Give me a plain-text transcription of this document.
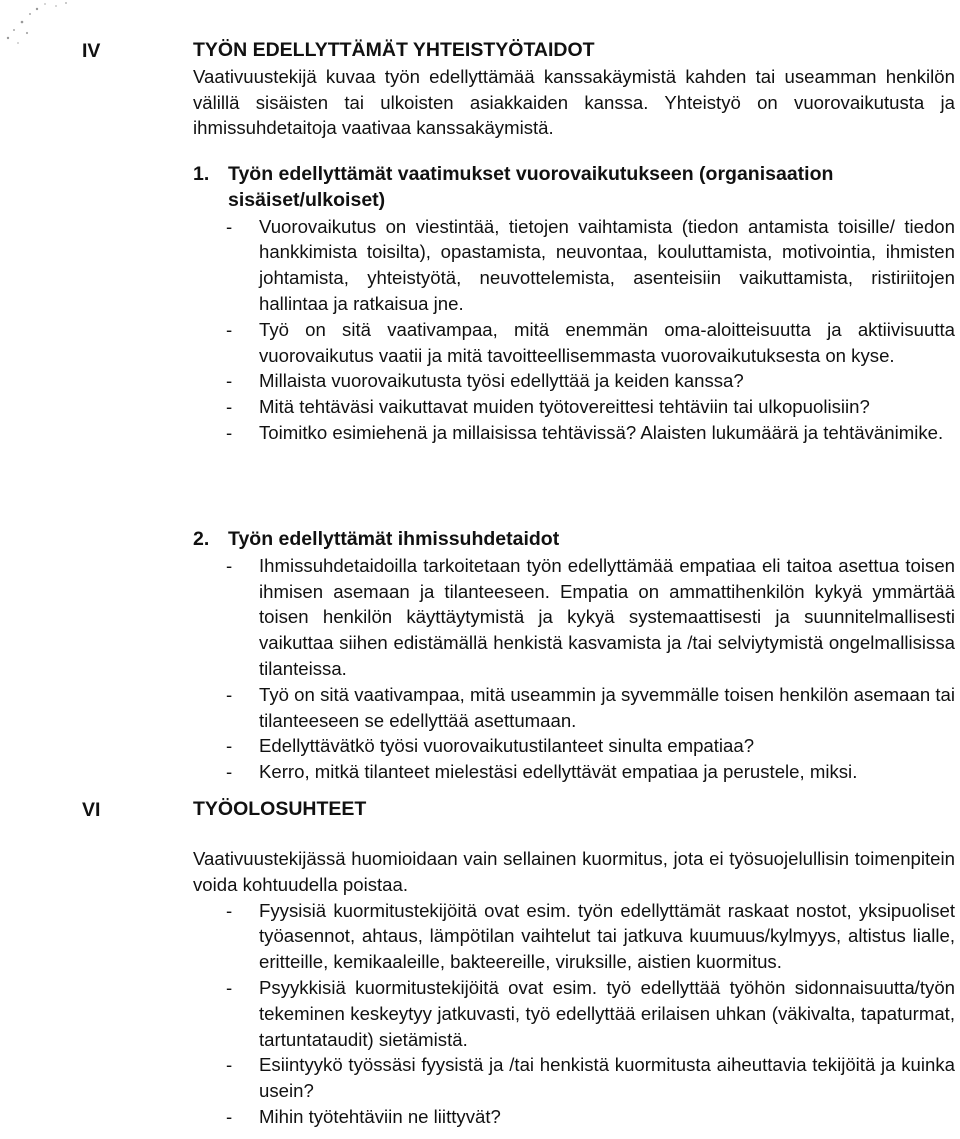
IV	TYÖN EDELLYTTÄMÄT YHTEISTYÖTAIDOT

Vaativuustekijä kuvaa työn edellyttämää kanssakäymistä kahden tai useamman henkilön välillä sisäisten tai ulkoisten asiakkaiden kanssa. Yhteistyö on vuorovaikutusta ja ihmissuhdetaitoja vaativaa kanssakäymistä.

1. Työn edellyttämät vaatimukset vuorovaikutukseen (organisaation sisäiset/ulkoiset)
- Vuorovaikutus on viestintää, tietojen vaihtamista (tiedon antamista toisille/ tiedon hankkimista toisilta), opastamista, neuvontaa, kouluttamista, motivointia, ihmisten johtamista, yhteistyötä, neuvottelemista, asenteisiin vaikuttamista, ristiriitojen hallintaa ja ratkaisua jne.
- Työ on sitä vaativampaa, mitä enemmän oma-aloitteisuutta ja aktiivisuutta vuorovaikutus vaatii ja mitä tavoitteellisemmasta vuorovaikutuksesta on kyse.
- Millaista vuorovaikutusta työsi edellyttää ja keiden kanssa?
- Mitä tehtäväsi vaikuttavat muiden työtovereittesi tehtäviin tai ulkopuolisiin?
- Toimitko esimiehenä ja millaisissa tehtävissä? Alaisten lukumäärä ja tehtävänimike.
2. Työn edellyttämät ihmissuhdetaidot
- Ihmissuhdetaidoilla tarkoitetaan työn edellyttämää empatiaa eli taitoa asettua toisen ihmisen asemaan ja tilanteeseen. Empatia on ammattihenkilön kykyä ymmärtää toisen henkilön käyttäytymistä ja kykyä systemaattisesti ja suunnitelmallisesti vaikuttaa siihen edistämällä henkistä kasvamista ja /tai selviytymistä ongelmallisissa tilanteissa.
- Työ on sitä vaativampaa, mitä useammin ja syvemmälle toisen henkilön asemaan tai tilanteeseen se edellyttää asettumaan.
- Edellyttävätkö työsi vuorovaikutustilanteet sinulta empatiaa?
- Kerro, mitkä tilanteet mielestäsi edellyttävät empatiaa ja perustele, miksi.
VI	TYÖOLOSUHTEET

Vaativuustekijässä huomioidaan vain sellainen kuormitus, jota ei työsuojelullisin toimenpitein voida kohtuudella poistaa.

- Fyysisiä kuormitustekijöitä ovat esim. työn edellyttämät raskaat nostot, yksipuoliset työasennot, ahtaus, lämpötilan vaihtelut tai jatkuva kuumuus/kylmyys, altistus lialle, eritteille, kemikaaleille, bakteereille, viruksille, aistien kuormitus.
- Psyykkisiä kuormitustekijöitä ovat esim. työ edellyttää työhön sidonnaisuutta/työn tekeminen keskeytyy jatkuvasti, työ edellyttää erilaisen uhkan (väkivalta, tapaturmat, tartuntataudit) sietämistä.
- Esiintyykö työssäsi fyysistä ja /tai henkistä kuormitusta aiheuttavia tekijöitä ja kuinka usein?
- Mihin työtehtäviin ne liittyvät?
